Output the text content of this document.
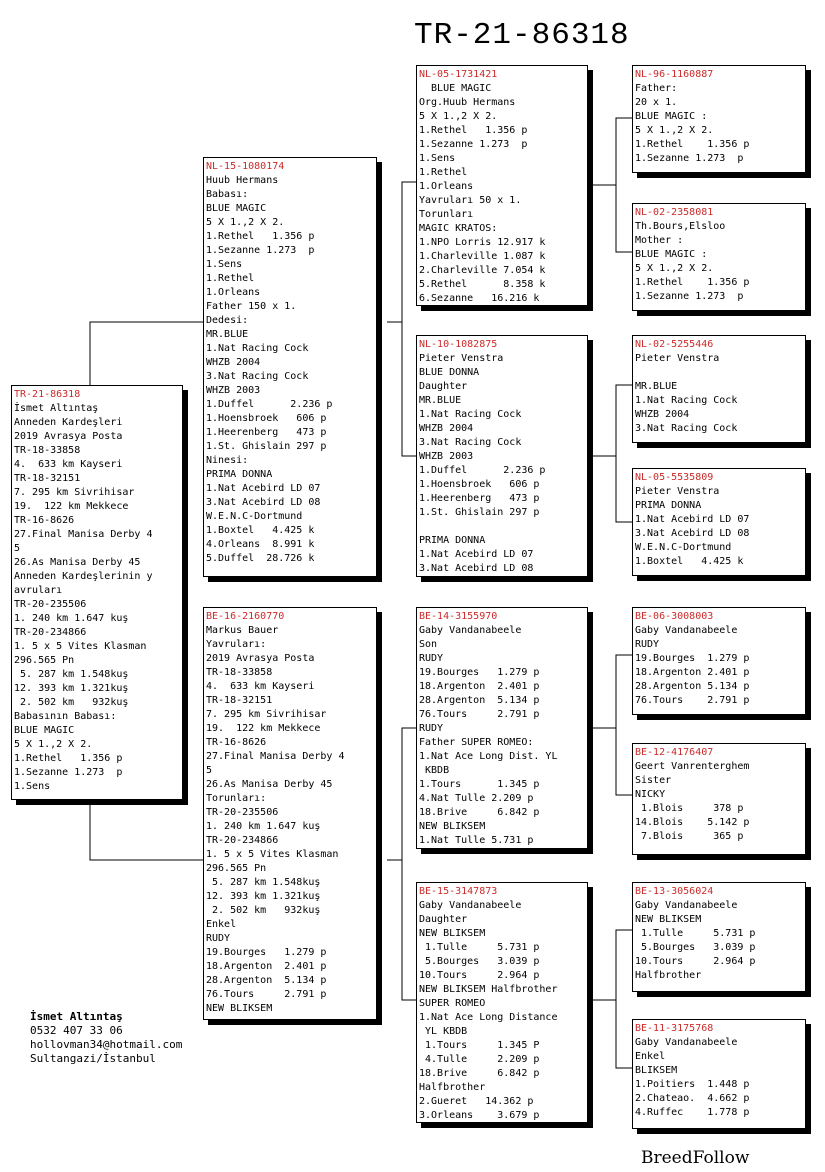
TR-21-86318
TR-21-86318
İsmet Altıntaş
Anneden Kardeşleri
2019 Avrasya Posta
TR-18-33858
4.  633 km Kayseri
TR-18-32151
7. 295 km Sivrihisar
19.  122 km Mekkece
TR-16-8626
27.Final Manisa Derby 4
5
26.As Manisa Derby 45
Anneden Kardeşlerinin y
avruları
TR-20-235506
1. 240 km 1.647 kuş
TR-20-234866
1. 5 x 5 Vites Klasman
296.565 Pn
5. 287 km 1.548kuş
12. 393 km 1.321kuş
2. 502 km   932kuş
Babasının Babası:
BLUE MAGIC
5 X 1.,2 X 2.
1.Rethel   1.356 p
1.Sezanne 1.273  p
1.Sens
NL-15-1080174
Huub Hermans
Babası:
BLUE MAGIC
5 X 1.,2 X 2.
1.Rethel   1.356 p
1.Sezanne 1.273  p
1.Sens
1.Rethel
1.Orleans
Father 150 x 1.
Dedesi:
MR.BLUE
1.Nat Racing Cock
WHZB 2004
3.Nat Racing Cock
WHZB 2003
1.Duffel      2.236 p
1.Hoensbroek   606 p
1.Heerenberg   473 p
1.St. Ghislain 297 p
Ninesi:
PRIMA DONNA
1.Nat Acebird LD 07
3.Nat Acebird LD 08
W.E.N.C-Dortmund
1.Boxtel   4.425 k
4.Orleans  8.991 k
5.Duffel  28.726 k
BE-16-2160770
Markus Bauer
Yavruları:
2019 Avrasya Posta
TR-18-33858
4.  633 km Kayseri
TR-18-32151
7. 295 km Sivrihisar
19.  122 km Mekkece
TR-16-8626
27.Final Manisa Derby 4
5
26.As Manisa Derby 45
Torunları:
TR-20-235506
1. 240 km 1.647 kuş
TR-20-234866
1. 5 x 5 Vites Klasman
296.565 Pn
5. 287 km 1.548kuş
12. 393 km 1.321kuş
2. 502 km   932kuş
Enkel
RUDY
19.Bourges   1.279 p
18.Argenton  2.401 p
28.Argenton  5.134 p
76.Tours     2.791 p
NEW BLIKSEM
NL-05-1731421
BLUE MAGIC
Org.Huub Hermans
5 X 1.,2 X 2.
1.Rethel   1.356 p
1.Sezanne 1.273  p
1.Sens
1.Rethel
1.Orleans
Yavruları 50 x 1.
Torunları
MAGIC KRATOS:
1.NPO Lorris 12.917 k
1.Charleville 1.087 k
2.Charleville 7.054 k
5.Rethel      8.358 k
6.Sezanne   16.216 k
NL-10-1082875
Pieter Venstra
BLUE DONNA
Daughter
MR.BLUE
1.Nat Racing Cock
WHZB 2004
3.Nat Racing Cock
WHZB 2003
1.Duffel      2.236 p
1.Hoensbroek   606 p
1.Heerenberg   473 p
1.St. Ghislain 297 p

PRIMA DONNA
1.Nat Acebird LD 07
3.Nat Acebird LD 08
BE-14-3155970
Gaby Vandanabeele
Son
RUDY
19.Bourges   1.279 p
18.Argenton  2.401 p
28.Argenton  5.134 p
76.Tours     2.791 p
RUDY
Father SUPER ROMEO:
1.Nat Ace Long Dist. YL
KBDB
1.Tours      1.345 p
4.Nat Tulle 2.209 p
18.Brive     6.842 p
NEW BLIKSEM
1.Nat Tulle 5.731 p
BE-15-3147873
Gaby Vandanabeele
Daughter
NEW BLIKSEM
1.Tulle     5.731 p
5.Bourges   3.039 p
10.Tours     2.964 p
NEW BLIKSEM Halfbrother
SUPER ROMEO
1.Nat Ace Long Distance
YL KBDB
1.Tours     1.345 P
4.Tulle     2.209 p
18.Brive     6.842 p
Halfbrother
2.Gueret   14.362 p
3.Orleans    3.679 p
NL-96-1160887
Father:
20 x 1.
BLUE MAGIC :
5 X 1.,2 X 2.
1.Rethel    1.356 p
1.Sezanne 1.273  p
NL-02-2358081
Th.Bours,Elsloo
Mother :
BLUE MAGIC :
5 X 1.,2 X 2.
1.Rethel    1.356 p
1.Sezanne 1.273  p
NL-02-5255446
Pieter Venstra

MR.BLUE
1.Nat Racing Cock
WHZB 2004
3.Nat Racing Cock
NL-05-5535809
Pieter Venstra
PRIMA DONNA
1.Nat Acebird LD 07
3.Nat Acebird LD 08
W.E.N.C-Dortmund
1.Boxtel   4.425 k
BE-06-3008003
Gaby Vandanabeele
RUDY
19.Bourges  1.279 p
18.Argenton 2.401 p
28.Argenton 5.134 p
76.Tours    2.791 p
BE-12-4176407
Geert Vanrenterghem
Sister
NICKY
1.Blois     378 p
14.Blois    5.142 p
7.Blois     365 p
BE-13-3056024
Gaby Vandanabeele
NEW BLIKSEM
1.Tulle     5.731 p
5.Bourges   3.039 p
10.Tours     2.964 p
Halfbrother
BE-11-3175768
Gaby Vandanabeele
Enkel
BLIKSEM
1.Poitiers  1.448 p
2.Chateao.  4.662 p
4.Ruffec    1.778 p
İsmet Altıntaş
0532 407 33 06
hollovman34@hotmail.com
Sultangazi/İstanbul
BreedFollow
